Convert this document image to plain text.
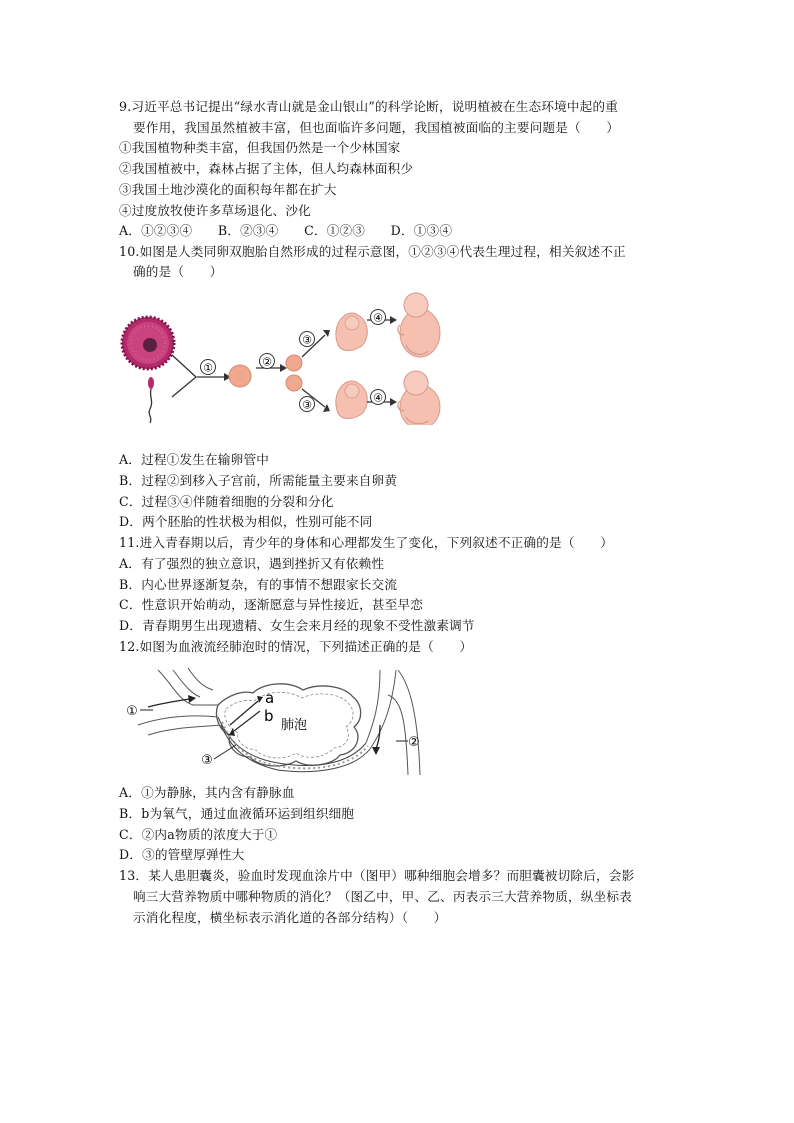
9.习近平总书记提出“绿水青山就是金山银山”的科学论断，说明植被在生态环境中起的重
要作用，我国虽然植被丰富，但也面临许多问题，我国植被面临的主要问题是（　　）
①我国植物种类丰富，但我国仍然是一个少林国家
②我国植被中，森林占据了主体，但人均森林面积少
③我国土地沙漠化的面积每年都在扩大
④过度放牧使许多草场退化、沙化
A．①②③④　　B．②③④　　C．①②③　　D．①③④
10.如图是人类同卵双胞胎自然形成的过程示意图，①②③④代表生理过程，相关叙述不正
确的是（　　）
①	②
③
③
④
④
A．过程①发生在输卵管中
B．过程②到移入子宫前，所需能量主要来自卵黄
C．过程③④伴随着细胞的分裂和分化
D．两个胚胎的性状极为相似，性别可能不同
11.进入青春期以后，青少年的身体和心理都发生了变化，下列叙述不正确的是（　　）
A．有了强烈的独立意识，遇到挫折又有依赖性
B．内心世界逐渐复杂，有的事情不想跟家长交流
C．性意识开始萌动，逐渐愿意与异性接近，甚至早恋
D．青春期男生出现遗精、女生会来月经的现象不受性激素调节
12.如图为血液流经肺泡时的情况，下列描述正确的是（　　）
①
a
b
肺泡
②
③
A．①为静脉，其内含有静脉血
B．b为氧气，通过血液循环运到组织细胞
C．②内a物质的浓度大于①
D．③的管壁厚弹性大
13．某人患胆囊炎，验血时发现血涂片中（图甲）哪种细胞会增多？而胆囊被切除后，会影
响三大营养物质中哪种物质的消化？（图乙中，甲、乙、丙表示三大营养物质，纵坐标表
示消化程度，横坐标表示消化道的各部分结构）（　　）
